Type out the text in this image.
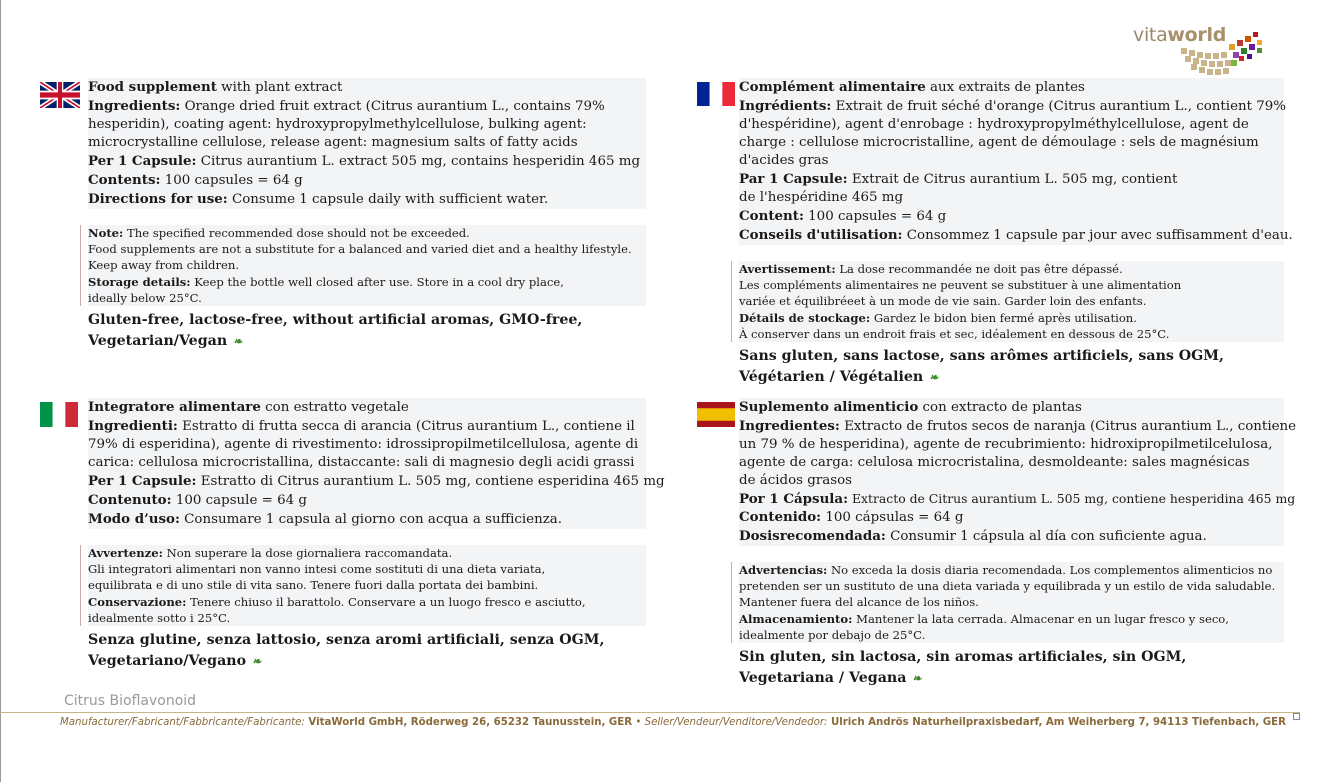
vitaworld
Food supplement with plant extract
Ingredients: Orange dried fruit extract (Citrus aurantium L., contains 79%
hesperidin), coating agent: hydroxypropylmethylcellulose, bulking agent:
microcrystalline cellulose, release agent: magnesium salts of fatty acids
Per 1 Capsule: Citrus aurantium L. extract 505 mg, contains hesperidin 465 mg
Contents: 100 capsules = 64 g
Directions for use: Consume 1 capsule daily with sufficient water.
Note: The specified recommended dose should not be exceeded.
Food supplements are not a substitute for a balanced and varied diet and a healthy lifestyle.
Keep away from children.
Storage details: Keep the bottle well closed after use. Store in a cool dry place,
ideally below 25°C.
Gluten-free, lactose-free, without artificial aromas, GMO-free,
Vegetarian/Vegan ❧
Complément alimentaire aux extraits de plantes
Ingrédients: Extrait de fruit séché d'orange (Citrus aurantium L., contient 79%
d'hespéridine), agent d'enrobage : hydroxypropylméthylcellulose, agent de
charge : cellulose microcristalline, agent de démoulage : sels de magnésium
d'acides gras
Par 1 Capsule: Extrait de Citrus aurantium L. 505 mg, contient
de l'hespéridine 465 mg
Content: 100 capsules = 64 g
Conseils d'utilisation: Consommez 1 capsule par jour avec suffisamment d'eau.
Avertissement: La dose recommandée ne doit pas être dépassé.
Les compléments alimentaires ne peuvent se substituer à une alimentation
variée et équilibréeet à un mode de vie sain. Garder loin des enfants.
Détails de stockage: Gardez le bidon bien fermé après utilisation.
À conserver dans un endroit frais et sec, idéalement en dessous de 25°C.
Sans gluten, sans lactose, sans arômes artificiels, sans OGM,
Végétarien / Végétalien ❧
Integratore alimentare con estratto vegetale
Ingredienti: Estratto di frutta secca di arancia (Citrus aurantium L., contiene il
79% di esperidina), agente di rivestimento: idrossipropilmetilcellulosa, agente di
carica: cellulosa microcristallina, distaccante: sali di magnesio degli acidi grassi
Per 1 Capsule: Estratto di Citrus aurantium L. 505 mg, contiene esperidina 465 mg
Contenuto: 100 capsule = 64 g
Modo d’uso: Consumare 1 capsula al giorno con acqua a sufficienza.
Avvertenze: Non superare la dose giornaliera raccomandata.
Gli integratori alimentari non vanno intesi come sostituti di una dieta variata,
equilibrata e di uno stile di vita sano. Tenere fuori dalla portata dei bambini.
Conservazione: Tenere chiuso il barattolo. Conservare a un luogo fresco e asciutto,
idealmente sotto i 25°C.
Senza glutine, senza lattosio, senza aromi artificiali, senza OGM,
Vegetariano/Vegano ❧
Suplemento alimenticio con extracto de plantas
Ingredientes: Extracto de frutos secos de naranja (Citrus aurantium L., contiene
un 79 % de hesperidina), agente de recubrimiento: hidroxipropilmetilcelulosa,
agente de carga: celulosa microcristalina, desmoldeante: sales magnésicas
de ácidos grasos
Por 1 Cápsula: Extracto de Citrus aurantium L. 505 mg, contiene hesperidina 465 mg
Contenido: 100 cápsulas = 64 g
Dosisrecomendada: Consumir 1 cápsula al día con suficiente agua.
Advertencias: No exceda la dosis diaria recomendada. Los complementos alimenticios no
pretenden ser un sustituto de una dieta variada y equilibrada y un estilo de vida saludable.
Mantener fuera del alcance de los niños.
Almacenamiento: Mantener la lata cerrada. Almacenar en un lugar fresco y seco,
idealmente por debajo de 25°C.
Sin gluten, sin lactosa, sin aromas artificiales, sin OGM,
Vegetariana / Vegana ❧
Citrus Bioflavonoid
Manufacturer/Fabricant/Fabbricante/Fabricante: VitaWorld GmbH, Röderweg 26, 65232 Taunusstein, GER • Seller/Vendeur/Venditore/Vendedor: Ulrich Andrös Naturheilpraxisbedarf, Am Weiherberg 7, 94113 Tiefenbach, GER
